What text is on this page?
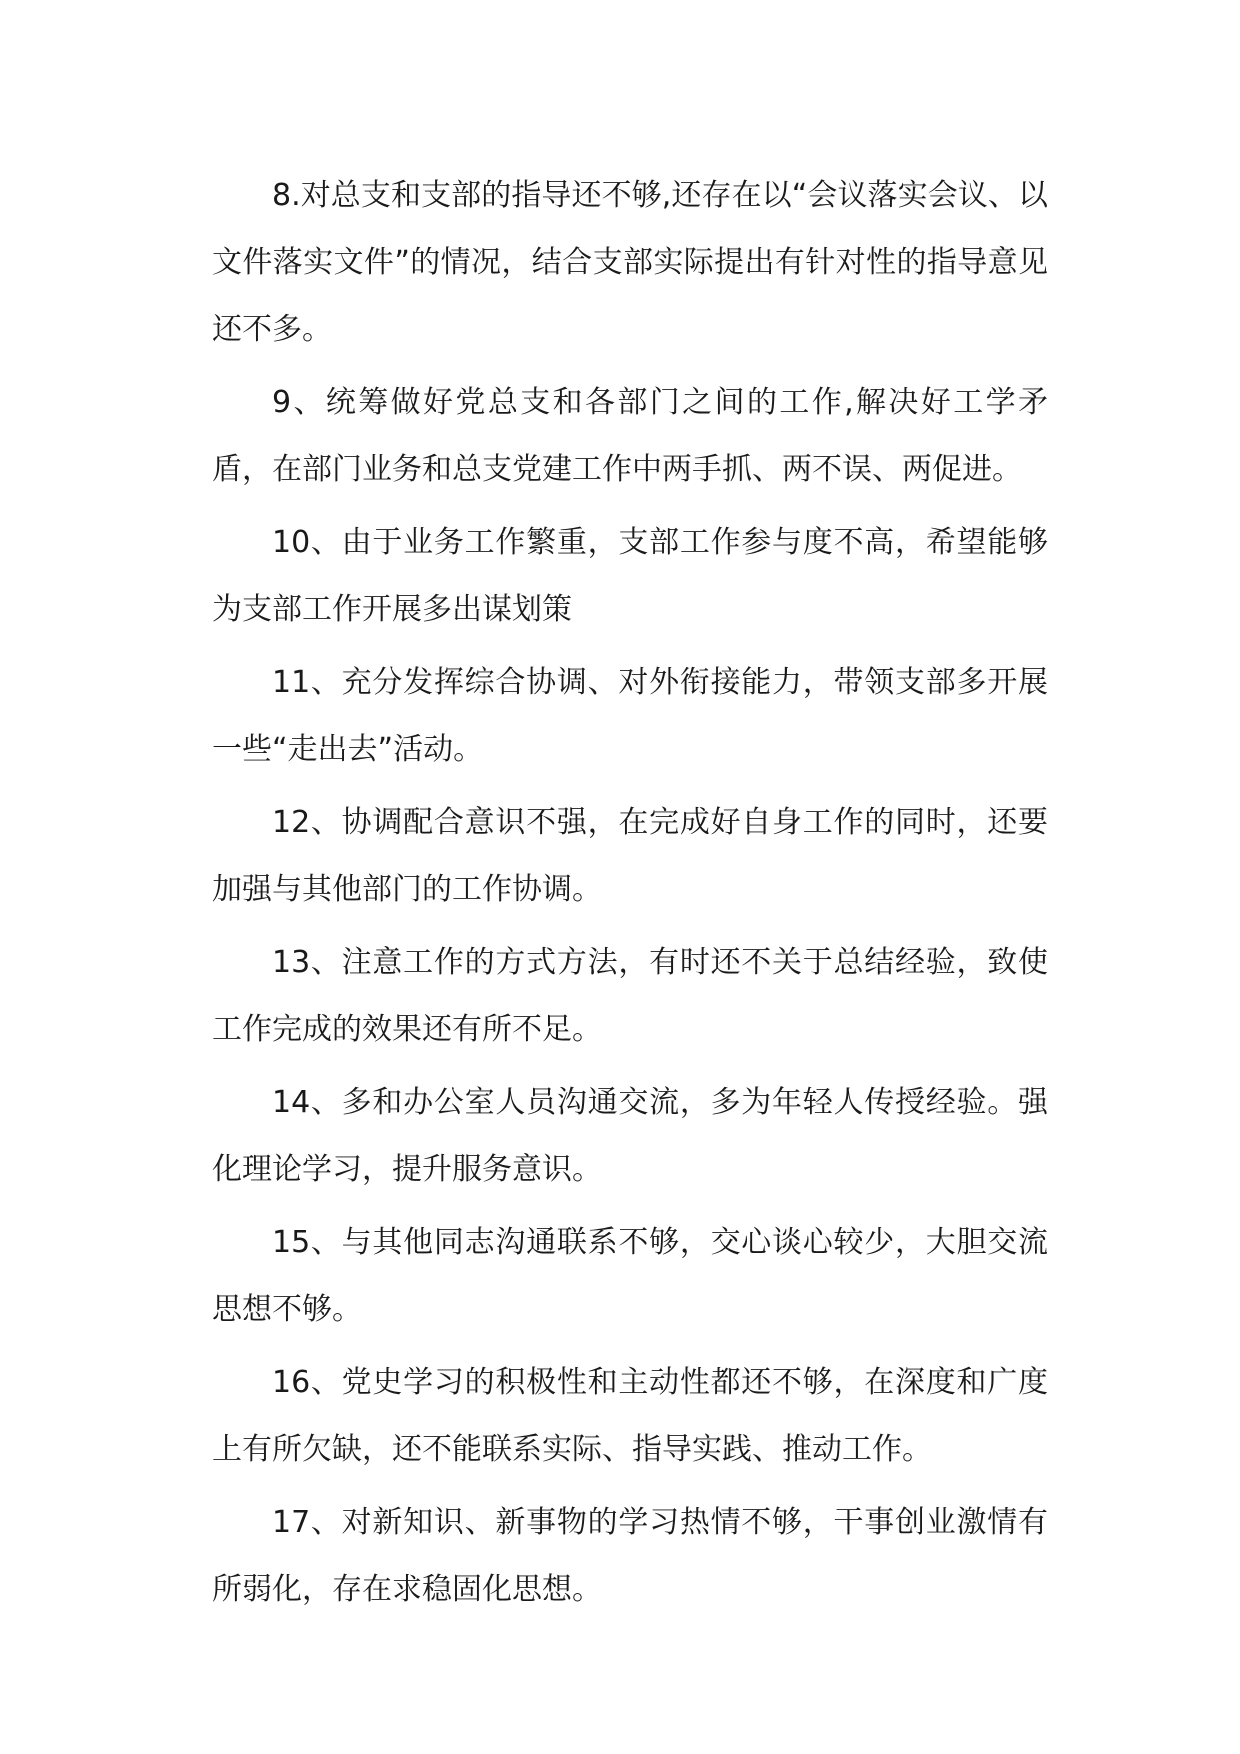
8.对总支和支部的指导还不够,还存在以“会议落实会议、以文件落实文件”的情况，结合支部实际提出有针对性的指导意见还不多。

9、统筹做好党总支和各部门之间的工作,解决好工学矛盾，在部门业务和总支党建工作中两手抓、两不误、两促进。

10、由于业务工作繁重，支部工作参与度不高，希望能够为支部工作开展多出谋划策

11、充分发挥综合协调、对外衔接能力，带领支部多开展一些“走出去”活动。

12、协调配合意识不强，在完成好自身工作的同时，还要加强与其他部门的工作协调。

13、注意工作的方式方法，有时还不关于总结经验，致使工作完成的效果还有所不足。

14、多和办公室人员沟通交流，多为年轻人传授经验。强化理论学习，提升服务意识。

15、与其他同志沟通联系不够，交心谈心较少，大胆交流思想不够。

16、党史学习的积极性和主动性都还不够，在深度和广度上有所欠缺，还不能联系实际、指导实践、推动工作。

17、对新知识、新事物的学习热情不够，干事创业激情有所弱化，存在求稳固化思想。
